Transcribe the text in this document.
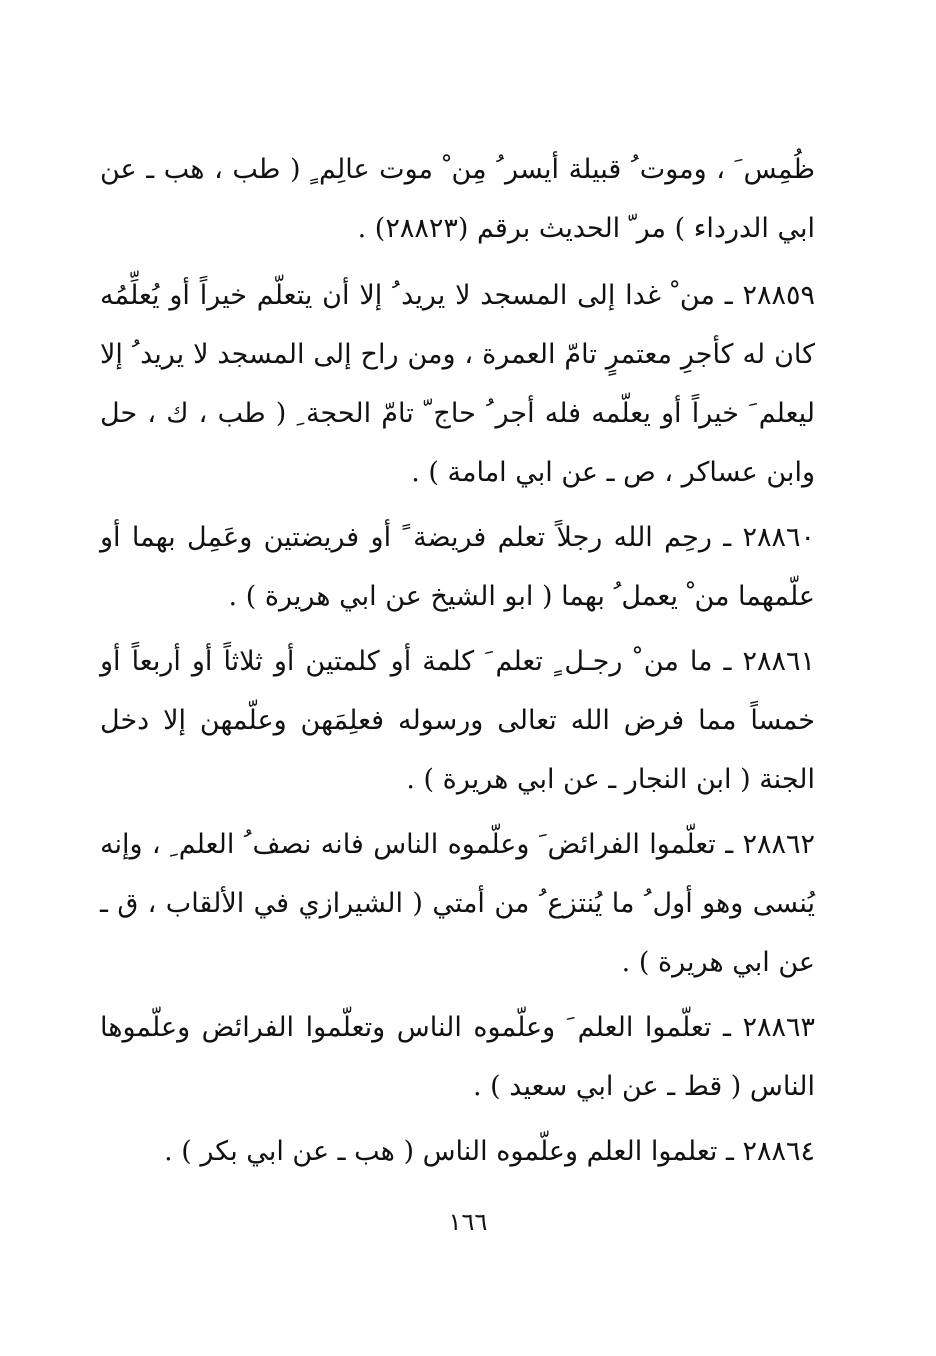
ظُمِس َ ، وموت ُ قبيلة أيسر ُ مِن ْ موت عالِم ٍ ( طب ، هب ـ عن ابي الدرداء ) مر ّ الحديث برقم (٢٨٨٢٣) .

٢٨٨٥٩ ـ من ْ غدا إلى المسجد لا يريد ُ إلا أن يتعلّم خيراً أو يُعلِّمُه كان له كأجرِ معتمرٍ تامّ العمرة ، ومن راح إلى المسجد لا يريد ُ إلا ليعلم َ خيراً أو يعلّمه فله أجر ُ حاج ّ تامّ الحجة ِ ( طب ، ك ، حل وابن عساكر ، ص ـ عن ابي امامة ) .

٢٨٨٦٠ ـ رحِم الله رجلاً تعلم فريضة ً أو فريضتين وعَمِل بهما أو علّمهما من ْ يعمل ُ بهما ( ابو الشيخ عن ابي هريرة ) .

٢٨٨٦١ ـ ما من ْ رجـل ٍ تعلم َ كلمة أو كلمتين أو ثلاثاً أو أربعاً أو خمساً مما فرض الله تعالى ورسوله فعلِمَهن وعلّمهن إلا دخل الجنة ( ابن النجار ـ عن ابي هريرة ) .

٢٨٨٦٢ ـ تعلّموا الفرائض َ وعلّموه الناس فانه نصف ُ العلم ِ ، وإنه يُنسى وهو أول ُ ما يُنتزع ُ من أمتي ( الشيرازي في الألقاب ، ق ـ عن ابي هريرة ) .

٢٨٨٦٣ ـ تعلّموا العلم َ وعلّموه الناس وتعلّموا الفرائض وعلّموها الناس ( قط ـ عن ابي سعيد ) .

٢٨٨٦٤ ـ تعلموا العلم وعلّموه الناس ( هب ـ عن ابي بكر ) .

١٦٦
